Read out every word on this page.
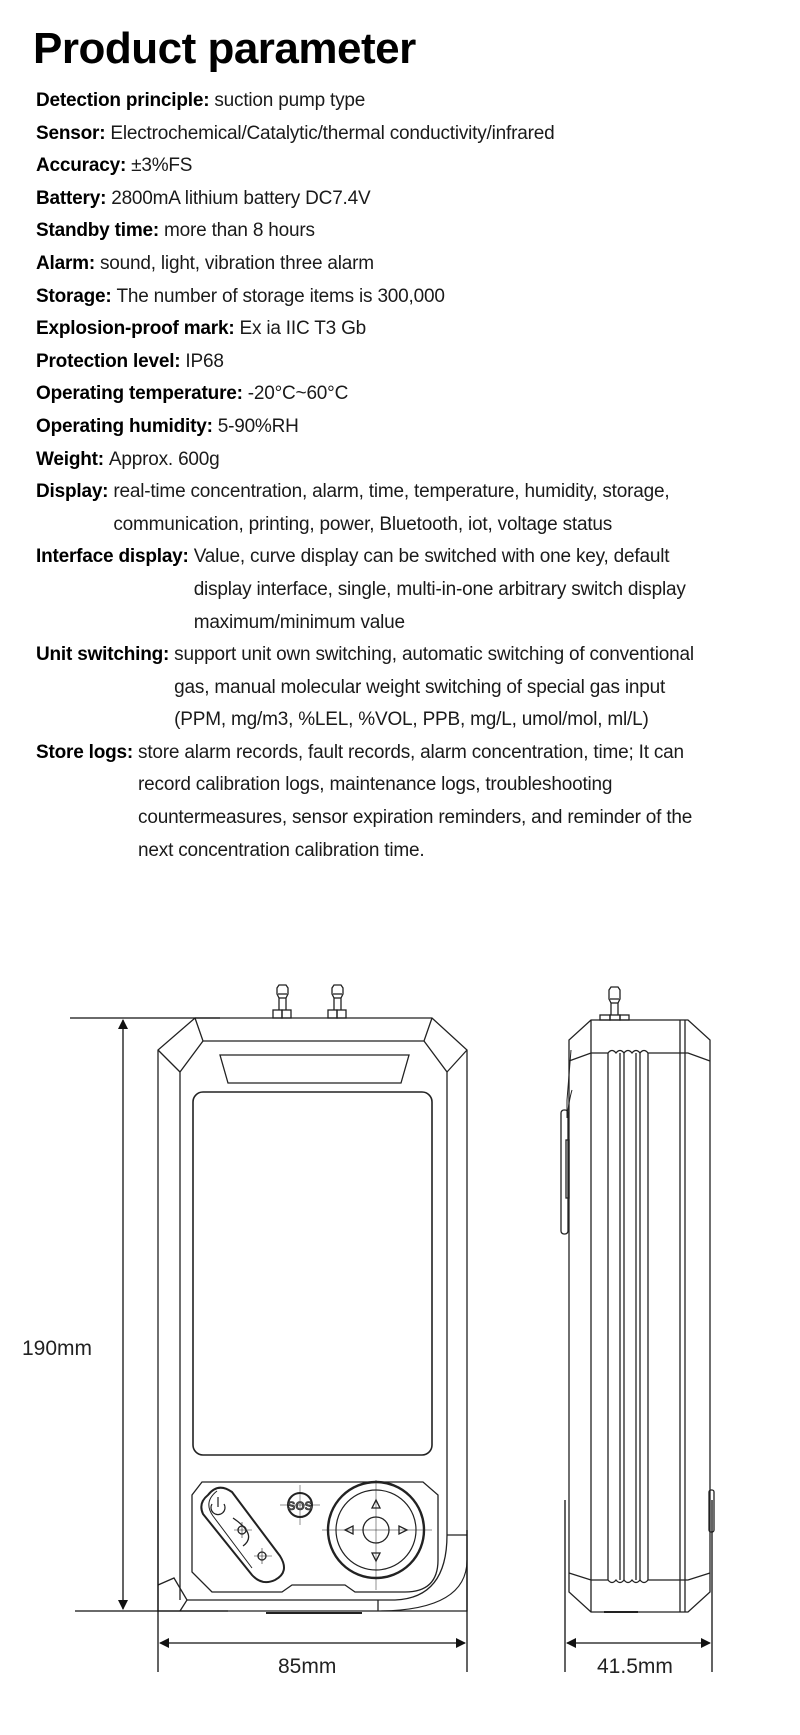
Product parameter
Detection principle: suction pump type
Sensor: Electrochemical/Catalytic/thermal conductivity/infrared
Accuracy: ±3%FS
Battery: 2800mA lithium battery DC7.4V
Standby time: more than 8 hours
Alarm: sound, light, vibration three alarm
Storage: The number of storage items is 300,000
Explosion-proof mark: Ex ia IIC T3 Gb
Protection level: IP68
Operating temperature: -20°C~60°C
Operating humidity: 5-90%RH
Weight: Approx. 600g
Display: real-time concentration, alarm, time, temperature, humidity, storage,
communication, printing, power, Bluetooth, iot, voltage status
Interface display: Value, curve display can be switched with one key, default
display interface, single, multi-in-one arbitrary switch display
maximum/minimum value
Unit switching: support unit own switching, automatic switching of conventional
gas, manual molecular weight switching of special gas input
(PPM, mg/m3, %LEL, %VOL, PPB, mg/L, umol/mol, ml/L)
Store logs: store alarm records, fault records, alarm concentration, time; It can
record calibration logs, maintenance logs, troubleshooting
countermeasures, sensor expiration reminders, and reminder of the
next concentration calibration time.
SOS
190mm
85mm	41.5mm
